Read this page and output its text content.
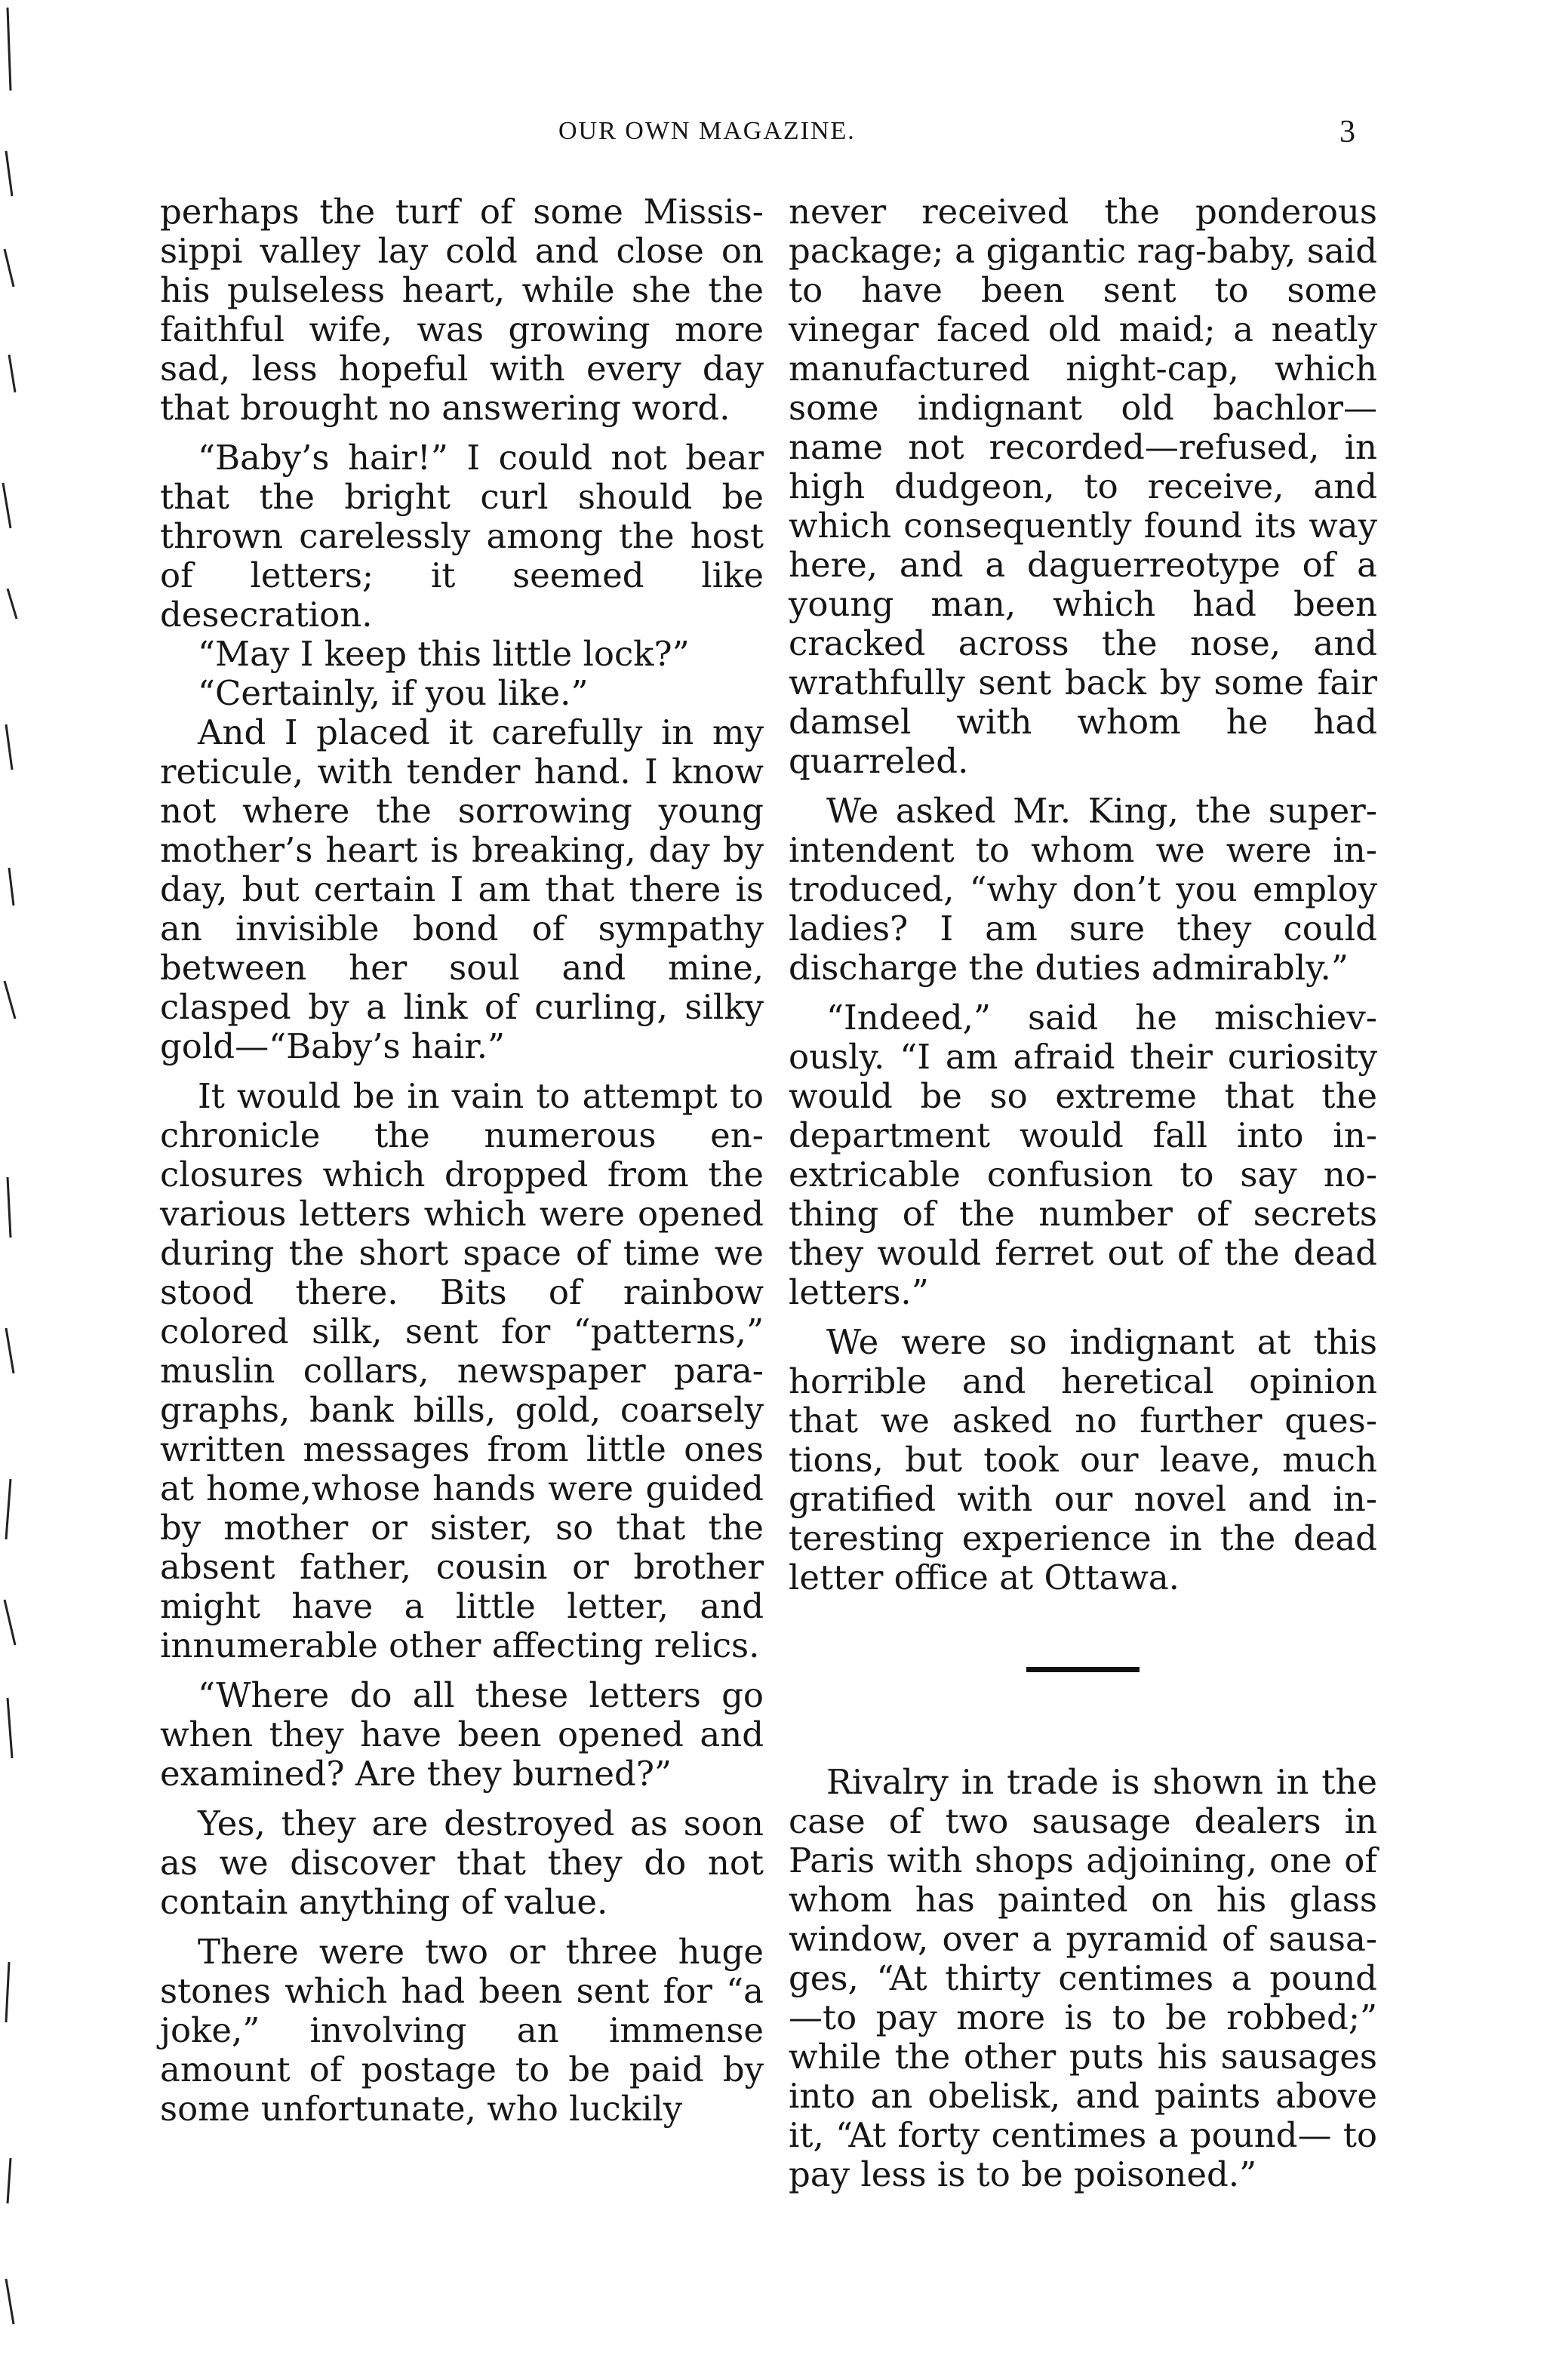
OUR OWN MAGAZINE.	3

perhaps the turf of some Mississippi valley lay cold and close on his pulseless heart, while she the faithful wife, was growing more sad, less hopeful with every day that brought no answering word.

“Baby’s hair!” I could not bear that the bright curl should be thrown carelessly among the host of letters; it seemed like desecration.

“May I keep this little lock?”

“Certainly, if you like.”

And I placed it carefully in my reticule, with tender hand. I know not where the sorrowing young mother’s heart is breaking, day by day, but certain I am that there is an invisible bond of sympathy between her soul and mine, clasped by a link of curling, silky gold—“Baby’s hair.”

It would be in vain to attempt to chronicle the numerous enclosures which dropped from the various letters which were opened during the short space of time we stood there. Bits of rainbow colored silk, sent for “patterns,” muslin collars, newspaper paragraphs, bank bills, gold, coarsely written messages from little ones at home,whose hands were guided by mother or sister, so that the absent father, cousin or brother might have a little letter, and innumerable other affecting relics.

“Where do all these letters go when they have been opened and examined? Are they burned?”

Yes, they are destroyed as soon as we discover that they do not contain anything of value.

There were two or three huge stones which had been sent for “a joke,” involving an immense amount of postage to be paid by some unfortunate, who luckily

never received the ponderous package; a gigantic rag-baby, said to have been sent to some vinegar faced old maid; a neatly manufactured night-cap, which some indignant old bachlor—name not recorded—refused, in high dudgeon, to receive, and which consequently found its way here, and a daguerreotype of a young man, which had been cracked across the nose, and wrathfully sent back by some fair damsel with whom he had quarreled.

We asked Mr. King, the superintendent to whom we were introduced, “why don’t you employ ladies? I am sure they could discharge the duties admirably.”

“Indeed,” said he mischievously. “I am afraid their curiosity would be so extreme that the department would fall into inextricable confusion to say nothing of the number of secrets they would ferret out of the dead letters.”

We were so indignant at this horrible and heretical opinion that we asked no further questions, but took our leave, much gratified with our novel and interesting experience in the dead letter office at Ottawa.

Rivalry in trade is shown in the case of two sausage dealers in Paris with shops adjoining, one of whom has painted on his glass window, over a pyramid of sausages, “At thirty centimes a pound —to pay more is to be robbed;” while the other puts his sausages into an obelisk, and paints above it, “At forty centimes a pound— to pay less is to be poisoned.”
